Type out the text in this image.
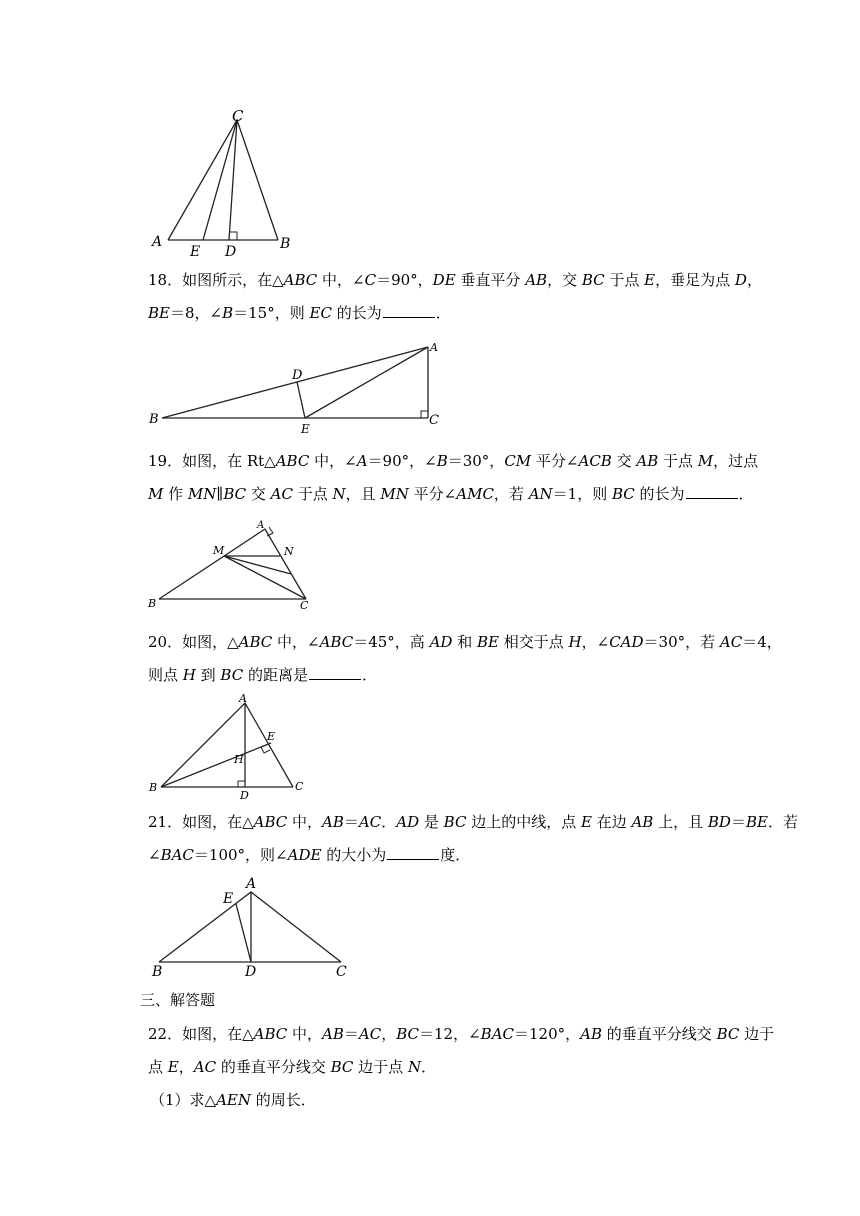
C
A
E D	B
18．如图所示，在△ABC 中，∠C＝90°，DE 垂直平分 AB，交 BC 于点 E，垂足为点 D，
BE＝8，∠B＝15°，则 EC 的长为	．
A
B	C
D
E
19．如图，在 Rt△ABC 中，∠A＝90°，∠B＝30°，CM 平分∠ACB 交 AB 于点 M，过点
M 作 MN∥BC 交 AC 于点 N，且 MN 平分∠AMC，若 AN＝1，则 BC 的长为	．
A
M	N
B	C
20．如图，△ABC 中，∠ABC＝45°，高 AD 和 BE 相交于点 H，∠CAD＝30°，若 AC＝4，
则点 H 到 BC 的距离是	．
A
E
H
B
D
C
21．如图，在△ABC 中，AB＝AC．AD 是 BC 边上的中线，点 E 在边 AB 上，且 BD＝BE．若
∠BAC＝100°，则∠ADE 的大小为	度．
E
A
B	D	C
三、解答题
22．如图，在△ABC 中，AB＝AC，BC＝12，∠BAC＝120°，AB 的垂直平分线交 BC 边于
点 E，AC 的垂直平分线交 BC 边于点 N．
（1）求△AEN 的周长．
